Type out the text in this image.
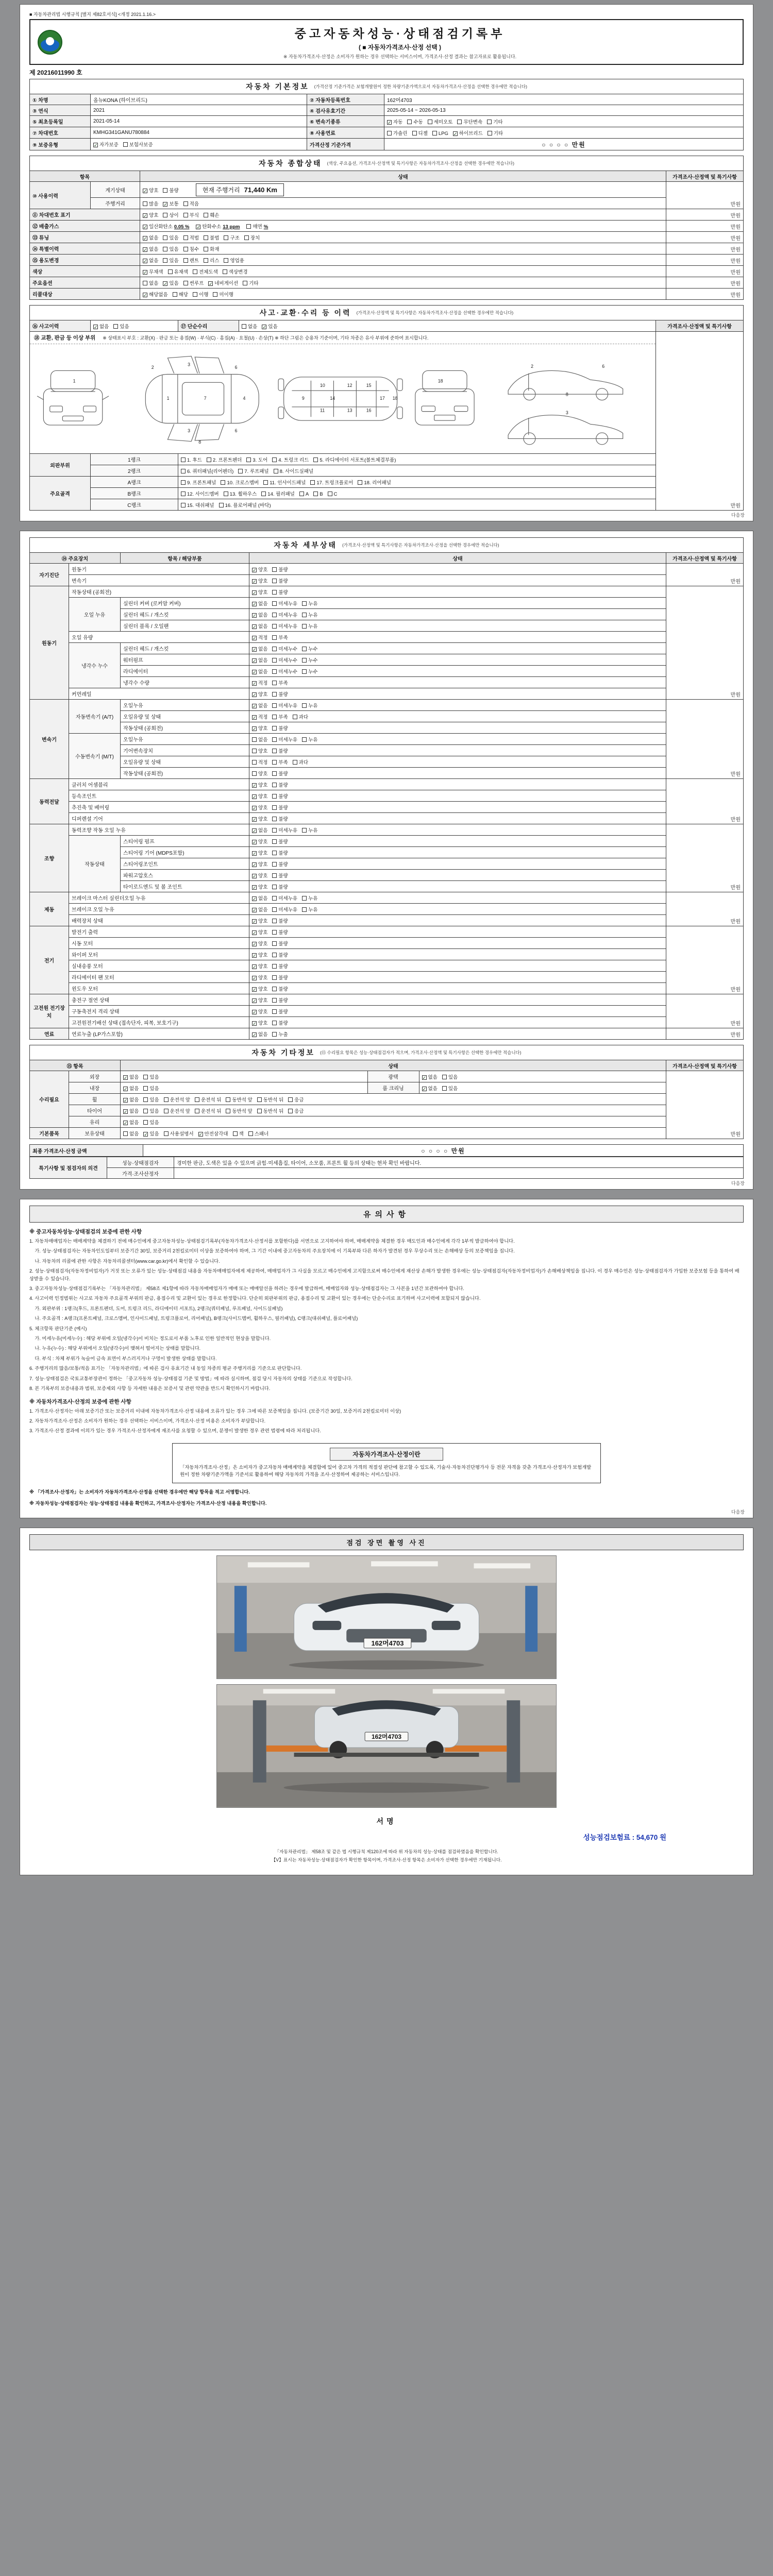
■ 자동차관리법 시행규칙 [별지 제82호서식] <개정 2021.1.16.>
중고자동차성능·상태점검기록부
( ■ 자동차가격조사·산정 선택 )
※ 자동차가격조사·산정은 소비자가 원하는 경우 선택하는 서비스이며, 가격조사·산정 결과는 참고자료로 활용됩니다.
제 20216011990 호
자동차 기본정보 (가격산정 기준가격은 보험개발원이 정한 차량기준가액으로서 자동차가격조사·산정을 선택한 경우에만 적습니다)
① 차명	올뉴KONA (하이브리드)	② 자동차등록번호	162머4703
③ 연식	2021	④ 검사유효기간	2025-05-14 ~ 2026-05-13
⑤ 최초등록일	2021-05-14	⑥ 변속기종류	✓ 자동 수동 세미오토 무단변속 기타
⑦ 차대번호	KMHG341GANU780884	⑧ 사용연료	가솔린 디젤 LPG ✓ 하이브리드 기타
⑨ 보증유형	✓ 자가보증 보험사보증	가격산정 기준가격	○ ○ ○ ○ 만원
자동차 종합상태 (색상, 주요옵션, 가격조사·산정액 및 특기사항은 자동차가격조사·산정을 선택한 경우에만 적습니다)
항목		상태	가격조사·산정액 및 특기사항
⑩ 사용이력	계기상태	✓ 양호 불량 현재 주행거리 71,440 Km	만원
	주행거리	많음 ✓ 보통 적음	
⑪ 차대번호 표기		✓ 양호 상이 부식 훼손	만원
⑫ 배출가스		✓ 일산화탄소 0.05 % ✓ 탄화수소 13 ppm 매연 %	만원
⑬ 튜닝		✓ 없음 있음 적법 불법 구조 장치	만원
⑭ 특별이력		✓ 없음 있음 침수 화재	만원
⑮ 용도변경		✓ 없음 있음 렌트 리스 영업용	만원
색상		✓ 무채색 유채색 전체도색 색상변경	만원
주요옵션		없음 ✓ 있음 썬루프 ✓ 네비게이션 기타	만원
리콜대상		✓ 해당없음 해당 이행 미이행	만원
사고·교환·수리 등 이력 (가격조사·산정액 및 특기사항은 자동차가격조사·산정을 선택한 경우에만 적습니다)
⑯ 사고이력	✓ 없음 있음	⑰ 단순수리	없음 ✓ 있음	가격조사·산정액 및 특기사항

⑱ 교환, 판금 등 이상 부위 ※ 상태표시 부호 : 교환(X) · 판금 또는 용접(W) · 부식(C) · 흠집(A) · 요철(U) · 손상(T) ※ 하단 그림은 승용차 기준이며, 기타 차종은 유사 부위에 준하여 표시합니다.
1
2
1
3
7
6
4
3	6
8
9
10
11
12
13
14
15
16
17 18
18
2	6
8
3
	만원
외판부위	1랭크	1. 후드 2. 프론트펜더 3. 도어 4. 트렁크 리드 5. 라디에이터 서포트(볼트체결부품)		
	2랭크	6. 쿼터패널(리어펜더) 7. 루프패널 8. 사이드실패널		
주요골격	A랭크	9. 프론트패널 10. 크로스멤버 11. 인사이드패널 17. 트렁크플로어 18. 리어패널		
	B랭크	12. 사이드멤버 13. 휠하우스 14. 필러패널 A B C		
	C랭크	15. 대쉬패널 16. 플로어패널 (바닥)		
다음장
자동차 세부상태 (가격조사·산정액 및 특기사항은 자동차가격조사·산정을 선택한 경우에만 적습니다)
⑭ 주요장치		항목 / 해당부품	상태	가격조사·산정액 및 특기사항
자기진단	원동기		✓ 양호 불량	만원
	변속기		✓ 양호 불량	
원동기	작동상태 (공회전)		✓ 양호 불량	만원
	오일 누유	실린더 커버 (로커암 커버)	✓ 없음 미세누유 누유	
		실린더 헤드 / 개스킷	✓ 없음 미세누유 누유	
		실린더 블록 / 오일팬	✓ 없음 미세누유 누유	
	오일 유량		✓ 적정 부족	
	냉각수 누수	실린더 헤드 / 개스킷	✓ 없음 미세누수 누수	
		워터펌프	✓ 없음 미세누수 누수	
		라디에이터	✓ 없음 미세누수 누수	
		냉각수 수량	✓ 적정 부족	
	커먼레일		✓ 양호 불량	
변속기	자동변속기 (A/T)	오일누유	✓ 없음 미세누유 누유	만원
		오일유량 및 상태	✓ 적정 부족 과다	
		작동상태 (공회전)	✓ 양호 불량	
	수동변속기 (M/T)	오일누유	없음 미세누유 누유	
		기어변속장치	양호 불량	
		오일유량 및 상태	적정 부족 과다	
		작동상태 (공회전)	양호 불량	
동력전달	클러치 어셈블리		✓ 양호 불량	만원
	등속조인트		✓ 양호 불량	
	추진축 및 베어링		✓ 양호 불량	
	디퍼렌셜 기어		✓ 양호 불량	
조향	동력조향 작동 오일 누유		✓ 없음 미세누유 누유	만원
	작동상태	스티어링 펌프	✓ 양호 불량	
		스티어링 기어 (MDPS포함)	✓ 양호 불량	
		스티어링조인트	✓ 양호 불량	
		파워고압호스	✓ 양호 불량	
		타이로드엔드 및 볼 조인트	✓ 양호 불량	
제동	브레이크 마스터 실린더오일 누유		✓ 없음 미세누유 누유	만원
	브레이크 오일 누유		✓ 없음 미세누유 누유	
	배력장치 상태		✓ 양호 불량	
전기	발전기 출력		✓ 양호 불량	만원
	시동 모터		✓ 양호 불량	
	와이퍼 모터		✓ 양호 불량	
	실내송풍 모터		✓ 양호 불량	
	라디에이터 팬 모터		✓ 양호 불량	
	윈도우 모터		✓ 양호 불량	
고전원 전기장치	충전구 절연 상태		✓ 양호 불량	만원
	구동축전지 격리 상태		✓ 양호 불량	
	고전원전기배선 상태 (접속단자, 피복, 보호기구)		✓ 양호 불량	
연료	연료누출 (LP가스포함)		✓ 없음 누출	만원
자동차 기타정보 (⑮ 수리필요 항목은 성능·상태점검자가 적으며, 가격조사·산정액 및 특기사항은 선택한 경우에만 적습니다)
⑮ 항목		상태			가격조사·산정액 및 특기사항
수리필요	외장	✓ 없음 있음	광택	✓ 없음 있음	만원
	내장	✓ 없음 있음	룸 크리닝	✓ 없음 있음	
	휠	✓ 없음 있음 운전석 앞 운전석 뒤 동반석 앞 동반석 뒤 응급			
	타이어	✓ 없음 있음 운전석 앞 운전석 뒤 동반석 앞 동반석 뒤 응급			
	유리	✓ 없음 있음			
기본품목	보유상태	없음 ✓ 있음 사용설명서 ✓ 안전삼각대 잭 스패너			
최종 가격조사·산정 금액	○ ○ ○ ○ 만원
특기사항 및 점검자의 의견	성능·상태점검자	경미한 판금, 도색은 있을 수 있으며 긁힘·미세흠집, 타이어, 소모품, 프론트 휠 등의 상태는 현차 확인 바랍니다.
	가격·조사산정자	
다음장
유의사항
※ 중고자동차성능·상태점검의 보증에 관한 사항

1. 자동차매매업자는 매매계약을 체결하기 전에 매수인에게 중고자동차성능·상태점검기록부(자동차가격조사·산정서를 포함한다)를 서면으로 고지하여야 하며, 매매계약을 체결한 경우 매도인과 매수인에게 각각 1부씩 발급하여야 합니다.

가. 성능·상태점검자는 자동차인도일부터 보증기간 30일, 보증거리 2천킬로미터 이상을 보증하여야 하며, 그 기간 이내에 중고자동차의 주요장치에 이 기록부와 다른 하자가 발견된 경우 무상수리 또는 손해배상 등의 보증책임을 집니다.

나. 자동차의 리콜에 관한 사항은 자동차리콜센터(www.car.go.kr)에서 확인할 수 있습니다.

2. 성능·상태점검자(자동차정비업자)가 거짓 또는 오류가 있는 성능·상태점검 내용을 자동차매매업자에게 제공하여, 매매업자가 그 사실을 모르고 매수인에게 고지함으로써 매수인에게 재산상 손해가 발생한 경우에는 성능·상태점검자(자동차정비업자)가 손해배상책임을 집니다. 이 경우 매수인은 성능·상태점검자가 가입한 보증보험 등을 통하여 배상받을 수 있습니다.

3. 중고자동차성능·상태점검기록부는 「자동차관리법」 제58조 제1항에 따라 자동차매매업자가 매매 또는 매매알선을 하려는 경우에 발급하며, 매매업자와 성능·상태점검자는 그 사본을 1년간 보관하여야 합니다.

4. 사고이력 인정범위는 사고로 자동차 주요골격 부위의 판금, 용접수리 및 교환이 있는 경우로 한정합니다. 단순히 외판부위의 판금, 용접수리 및 교환이 있는 경우에는 단순수리로 표기하며 사고이력에 포함되지 않습니다.

가. 외판부위 : 1랭크(후드, 프론트펜더, 도어, 트렁크 리드, 라디에이터 서포트), 2랭크(쿼터패널, 루프패널, 사이드실패널)

나. 주요골격 : A랭크(프론트패널, 크로스멤버, 인사이드패널, 트렁크플로어, 리어패널), B랭크(사이드멤버, 휠하우스, 필러패널), C랭크(대쉬패널, 플로어패널)

5. 체크항목 판단기준 (예시)

가. 미세누유(미세누수) : 해당 부위에 오일(냉각수)이 비치는 정도로서 부품 노후로 인한 일반적인 현상을 말합니다.

나. 누유(누수) : 해당 부위에서 오일(냉각수)이 맺혀서 떨어지는 상태를 말합니다.

다. 부식 : 차체 부위가 녹슬어 금속 표면이 부스러지거나 구멍이 발생한 상태를 말합니다.

6. 주행거리의 많음/보통/적음 표기는 「자동차관리법」에 따른 검사 유효기간 내 동일 차종의 평균 주행거리를 기준으로 판단합니다.

7. 성능·상태점검은 국토교통부장관이 정하는 「중고자동차 성능·상태점검 기준 및 방법」에 따라 실시하며, 점검 당시 자동차의 상태를 기준으로 작성합니다.

8. 본 기록부의 보증내용과 범위, 보증제외 사항 등 자세한 내용은 보증서 및 관련 약관을 반드시 확인하시기 바랍니다.

※ 자동차가격조사·산정의 보증에 관한 사항

1. 가격조사·산정자는 아래 보증기간 또는 보증거리 이내에 자동차가격조사·산정 내용에 오류가 있는 경우 그에 따른 보증책임을 집니다. (보증기간 30일, 보증거리 2천킬로미터 이상)

2. 자동차가격조사·산정은 소비자가 원하는 경우 선택하는 서비스이며, 가격조사·산정 비용은 소비자가 부담합니다.

3. 가격조사·산정 결과에 이의가 있는 경우 가격조사·산정자에게 재조사를 요청할 수 있으며, 분쟁이 발생한 경우 관련 법령에 따라 처리됩니다.

자동차가격조사·산정이란
「자동차가격조사·산정」은 소비자가 중고자동차 매매계약을 체결함에 있어 중고차 가격의 적절성 판단에 참고할 수 있도록, 기술사·자동차진단평가사 등 전문 자격을 갖춘 가격조사·산정자가 보험개발원이 정한 차량기준가액을 기준서로 활용하여 해당 자동차의 가격을 조사·산정하여 제공하는 서비스입니다.
※ 「가격조사·산정자」는 소비자가 자동차가격조사·산정을 선택한 경우에만 해당 항목을 적고 서명합니다.
※ 자동차성능·상태점검자는 성능·상태점검 내용을 확인하고, 가격조사·산정자는 가격조사·산정 내용을 확인합니다.
다음장
점검 장면 촬영 사진
162머4703
162머4703
서명
성능점검보험료 : 54,670 원

「자동차관리법」 제58조 및 같은 법 시행규칙 제120조에 따라 위 자동차의 성능·상태를 점검하였음을 확인합니다.

【V】표시는 자동차성능·상태점검자가 확인한 항목이며, 가격조사·산정 항목은 소비자가 선택한 경우에만 기재됩니다.
